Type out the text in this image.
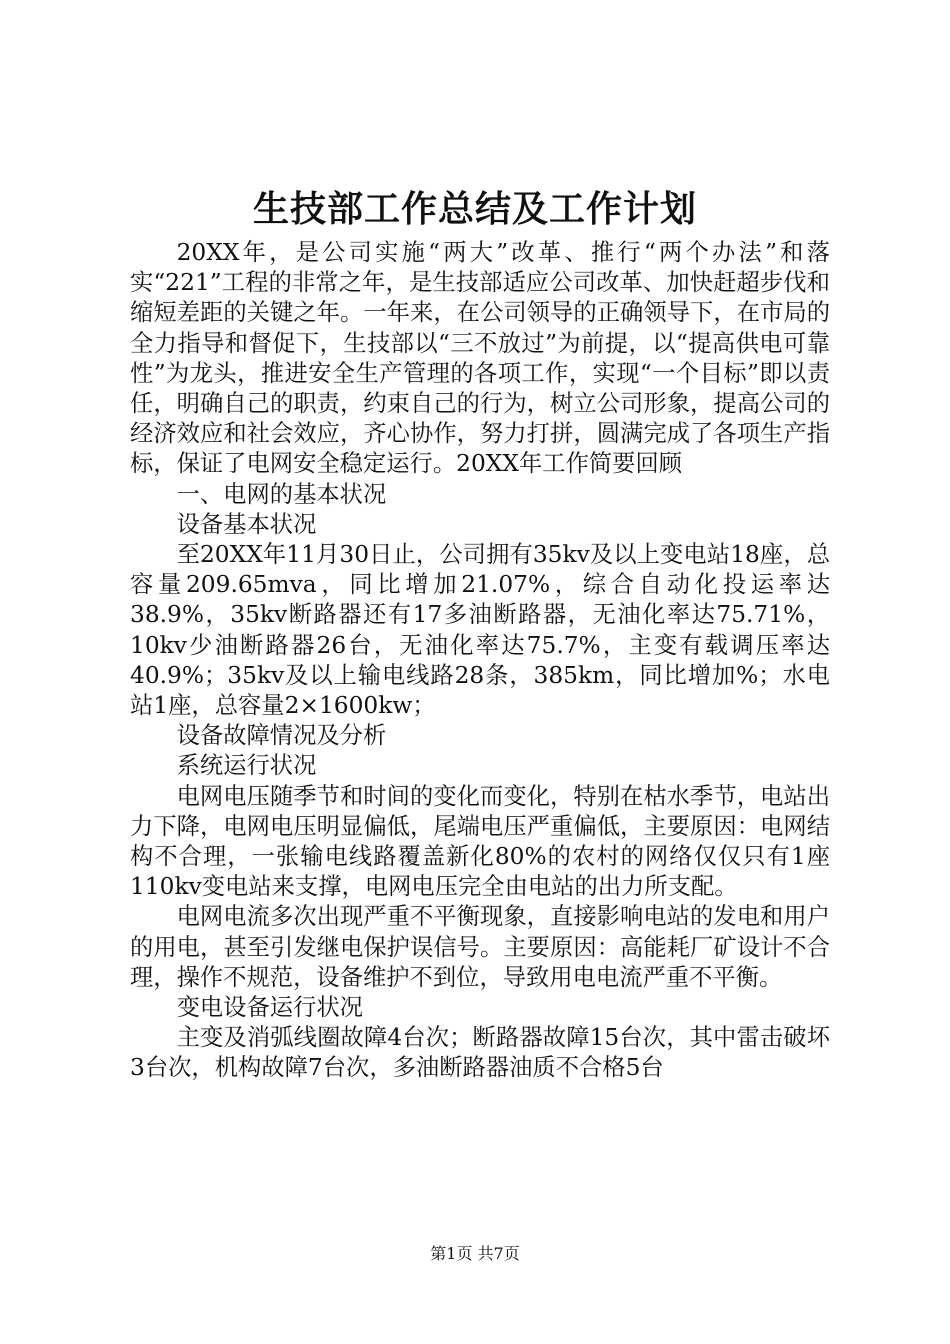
生技部工作总结及工作计划

20XX年，是公司实施“两大”改革、推行“两个办法”和落实“221”工程的非常之年，是生技部适应公司改革、加快赶超步伐和缩短差距的关键之年。一年来，在公司领导的正确领导下，在市局的全力指导和督促下，生技部以“三不放过”为前提，以“提高供电可靠性”为龙头，推进安全生产管理的各项工作，实现“一个目标”即以责任，明确自己的职责，约束自己的行为，树立公司形象，提高公司的经济效应和社会效应，齐心协作，努力打拼，圆满完成了各项生产指标，保证了电网安全稳定运行。20XX年工作简要回顾

一、电网的基本状况

设备基本状况

至20XX年11月30日止，公司拥有35kv及以上变电站18座，总容量209.65mva，同比增加21.07%，综合自动化投运率达38.9%，35kv断路器还有17多油断路器，无油化率达75.71%，10kv少油断路器26台，无油化率达75.7%，主变有载调压率达40.9%；35kv及以上输电线路28条，385km，同比增加%；水电站1座，总容量2×1600kw；

设备故障情况及分析

系统运行状况

电网电压随季节和时间的变化而变化，特别在枯水季节，电站出力下降，电网电压明显偏低，尾端电压严重偏低，主要原因：电网结构不合理，一张输电线路覆盖新化80%的农村的网络仅仅只有1座110kv变电站来支撑，电网电压完全由电站的出力所支配。

电网电流多次出现严重不平衡现象，直接影响电站的发电和用户的用电，甚至引发继电保护误信号。主要原因：高能耗厂矿设计不合理，操作不规范，设备维护不到位，导致用电电流严重不平衡。

变电设备运行状况

主变及消弧线圈故障4台次；断路器故障15台次，其中雷击破坏3台次，机构故障7台次，多油断路器油质不合格5台

第1页 共7页
